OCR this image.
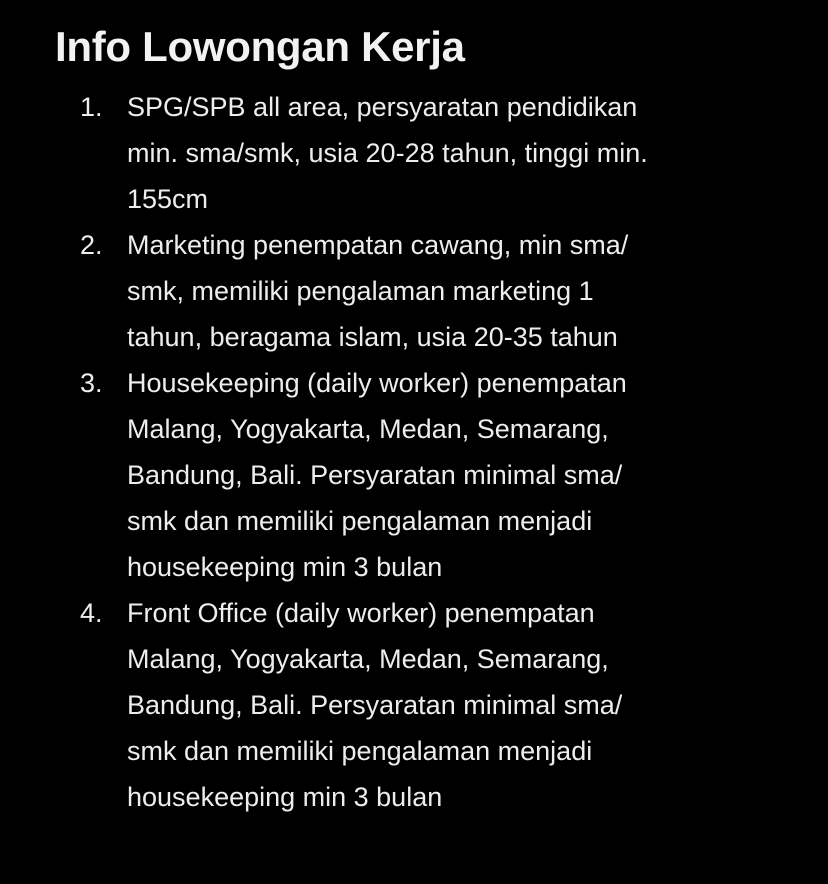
Info Lowongan Kerja
1. SPG/SPB all area, persyaratan pendidikan
min. sma/smk, usia 20-28 tahun, tinggi min.
155cm
2. Marketing penempatan cawang, min sma/
smk, memiliki pengalaman marketing 1
tahun, beragama islam, usia 20-35 tahun
3. Housekeeping (daily worker) penempatan
Malang, Yogyakarta, Medan, Semarang,
Bandung, Bali. Persyaratan minimal sma/
smk dan memiliki pengalaman menjadi
housekeeping min 3 bulan
4. Front Office (daily worker) penempatan
Malang, Yogyakarta, Medan, Semarang,
Bandung, Bali. Persyaratan minimal sma/
smk dan memiliki pengalaman menjadi
housekeeping min 3 bulan
